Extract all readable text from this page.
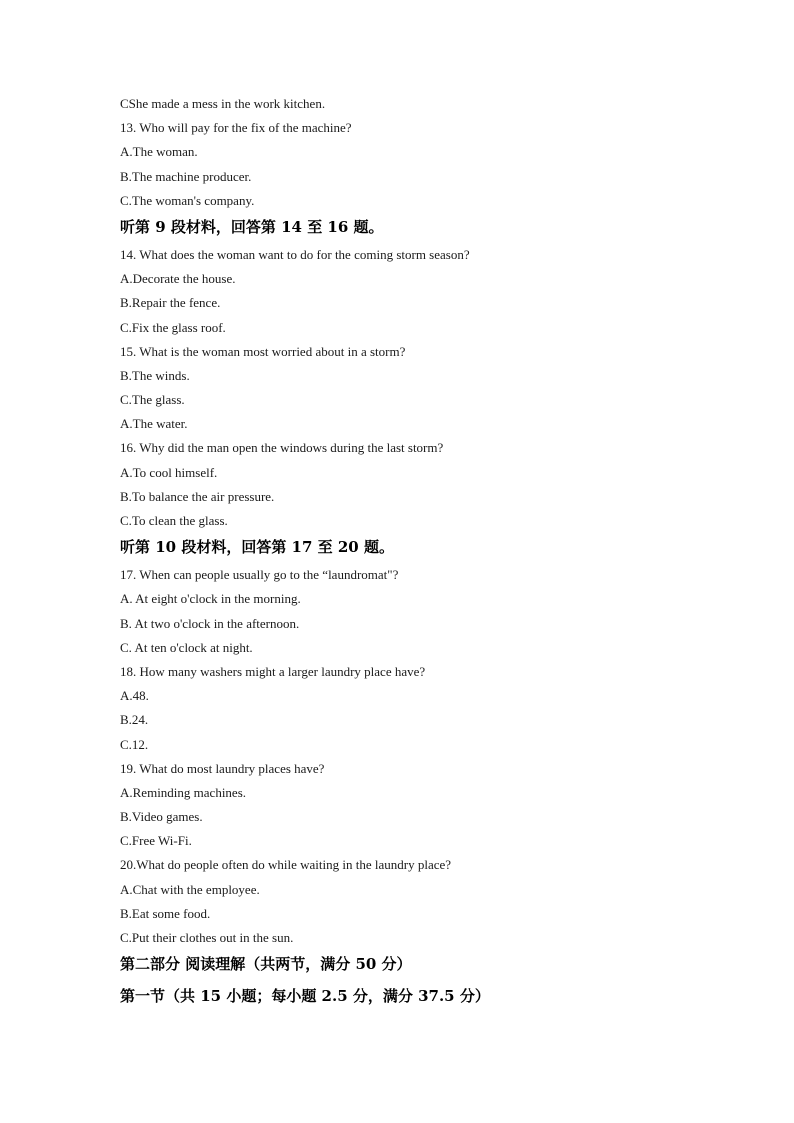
CShe made a mess in the work kitchen.
13. Who will pay for the fix of the machine?
A.The woman.
B.The machine producer.
C.The woman's company.
听第 9 段材料，回答第 14 至 16 题。
14. What does the woman want to do for the coming storm season?
A.Decorate the house.
B.Repair the fence.
C.Fix the glass roof.
15. What is the woman most worried about in a storm?
B.The winds.
C.The glass.
A.The water.
16. Why did the man open the windows during the last storm?
A.To cool himself.
B.To balance the air pressure.
C.To clean the glass.
听第 10 段材料，回答第 17 至 20 题。
17. When can people usually go to the “laundromat"?
A. At eight o'clock in the morning.
B. At two o'clock in the afternoon.
C. At ten o'clock at night.
18. How many washers might a larger laundry place have?
A.48.
B.24.
C.12.
19. What do most laundry places have?
A.Reminding machines.
B.Video games.
C.Free Wi-Fi.
20.What do people often do while waiting in the laundry place?
A.Chat with the employee.
B.Eat some food.
C.Put their clothes out in the sun.
第二部分 阅读理解（共两节，满分 50 分）
第一节（共 15 小题；每小题 2.5 分，满分 37.5 分）
